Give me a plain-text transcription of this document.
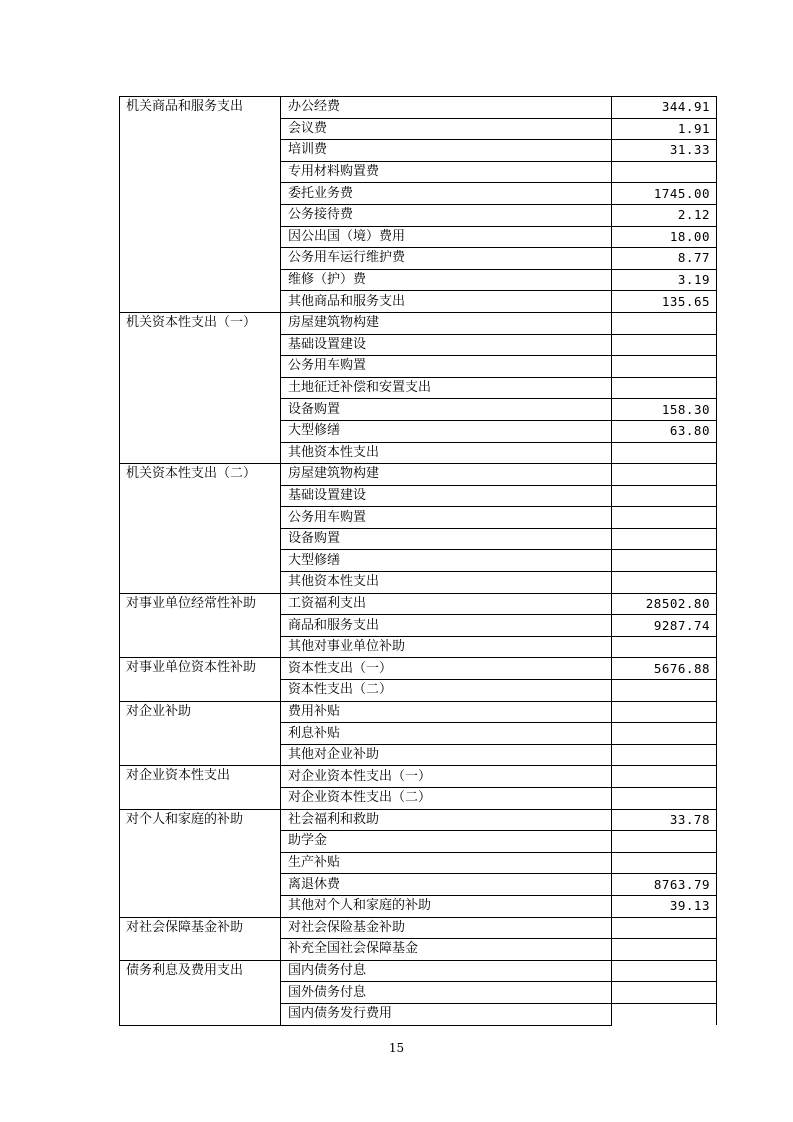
机关商品和服务支出	办公经费	344.91
	会议费	1.91
	培训费	31.33
	专用材料购置费	
	委托业务费	1745.00
	公务接待费	2.12
	因公出国（境）费用	18.00
	公务用车运行维护费	8.77
	维修（护）费	3.19
	其他商品和服务支出	135.65
机关资本性支出（一）	房屋建筑物构建	
	基础设置建设	
	公务用车购置	
	土地征迁补偿和安置支出	
	设备购置	158.30
	大型修缮	63.80
	其他资本性支出	
机关资本性支出（二）	房屋建筑物构建	
	基础设置建设	
	公务用车购置	
	设备购置	
	大型修缮	
	其他资本性支出	
对事业单位经常性补助	工资福利支出	28502.80
	商品和服务支出	9287.74
	其他对事业单位补助	
对事业单位资本性补助	资本性支出（一）	5676.88
	资本性支出（二）	
对企业补助	费用补贴	
	利息补贴	
	其他对企业补助	
对企业资本性支出	对企业资本性支出（一）	
	对企业资本性支出（二）	
对个人和家庭的补助	社会福利和救助	33.78
	助学金	
	生产补贴	
	离退休费	8763.79
	其他对个人和家庭的补助	39.13
对社会保障基金补助	对社会保险基金补助	
	补充全国社会保障基金	
债务利息及费用支出	国内债务付息	
	国外债务付息	
	国内债务发行费用	
15
